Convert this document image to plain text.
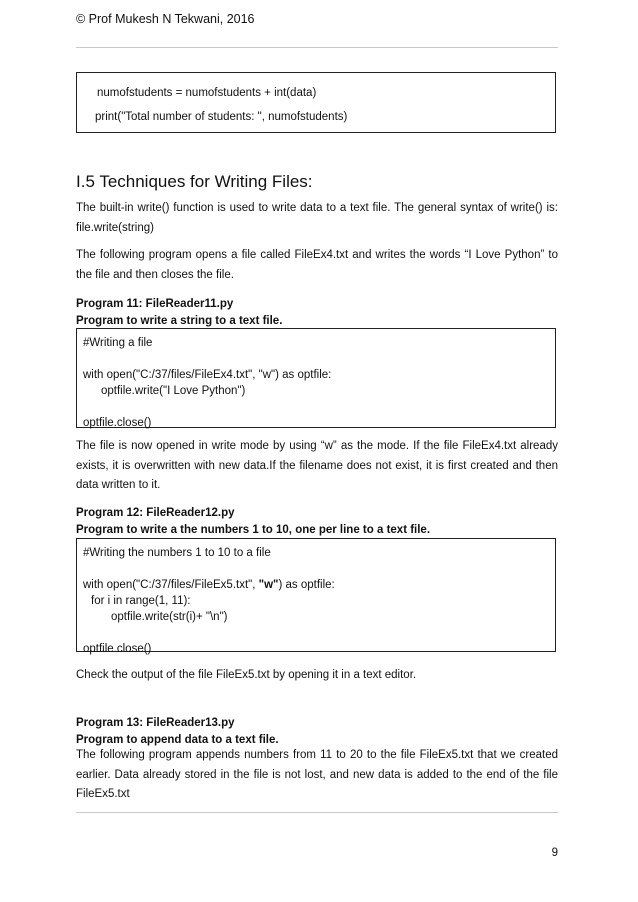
© Prof Mukesh N Tekwani, 2016
numofstudents = numofstudents + int(data)
print("Total number of students: ", numofstudents)
I.5 Techniques for Writing Files:
The built-in write() function is used to write data to a text file. The general syntax of write() is: file.write(string)
The following program opens a file called FileEx4.txt and writes the words “I Love Python” to the file and then closes the file.
Program 11: FileReader11.py
Program to write a string to a text file.
#Writing a file
with open("C:/37/files/FileEx4.txt", "w") as optfile:
optfile.write("I Love Python")
optfile.close()
The file is now opened in write mode by using “w” as the mode. If the file FileEx4.txt already exists, it is overwritten with new data.If the filename does not exist, it is first created and then data written to it.
Program 12: FileReader12.py
Program to write a the numbers 1 to 10, one per line to a text file.
#Writing the numbers 1 to 10 to a file
with open("C:/37/files/FileEx5.txt", "w") as optfile:
for i in range(1, 11):
optfile.write(str(i)+ "\n")
optfile.close()
Check the output of the file FileEx5.txt by opening it in a text editor.
Program 13: FileReader13.py
Program to append data to a text file.
The following program appends numbers from 11 to 20 to the file FileEx5.txt that we created earlier. Data already stored in the file is not lost, and new data is added to the end of the file FileEx5.txt
9
